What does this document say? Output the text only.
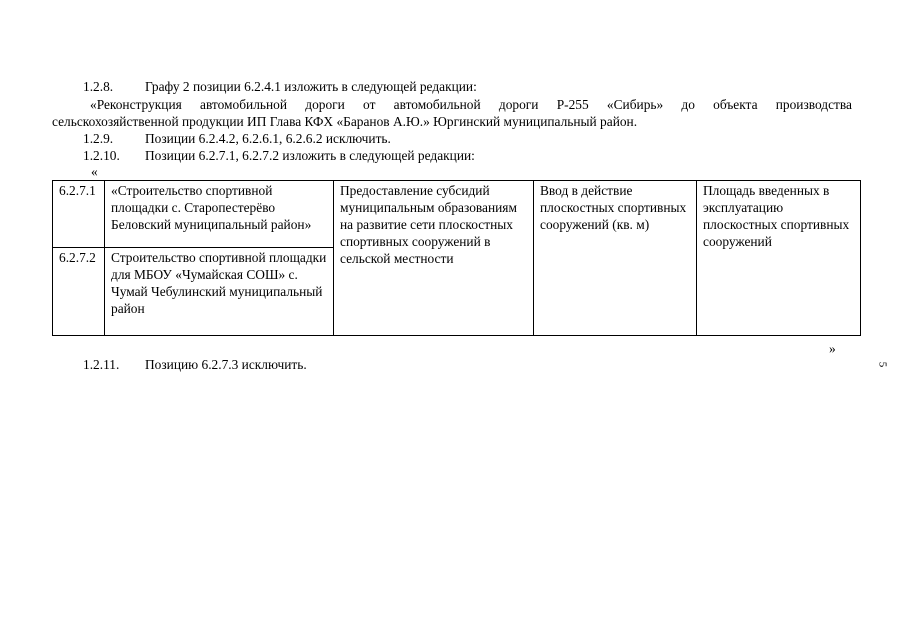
1.2.8. Графу 2 позиции 6.2.4.1 изложить в следующей редакции:
«Реконструкция автомобильной дороги от автомобильной дороги Р-255 «Сибирь» до объекта производства
сельскохозяйственной продукции ИП Глава КФХ «Баранов А.Ю.» Юргинский муниципальный район.
1.2.9. Позиции 6.2.4.2, 6.2.6.1, 6.2.6.2 исключить.
1.2.10. Позиции 6.2.7.1, 6.2.7.2 изложить в следующей редакции:
«
6.2.7.1	«Строительство спортивной площадки с. Старопестерёво Беловский муниципальный район»	Предоставление субсидий муниципальным образованиям на развитие сети плоскостных спортивных сооружений в сельской местности	Ввод в действие плоскостных спортивных сооружений (кв. м)	Площадь введенных в эксплуатацию плоскостных спортивных сооружений
6.2.7.2	Строительство спортивной площадки для МБОУ «Чумайская СОШ» с. Чумай Чебулинский муниципальный район			
»
1.2.11. Позицию 6.2.7.3 исключить.	5
